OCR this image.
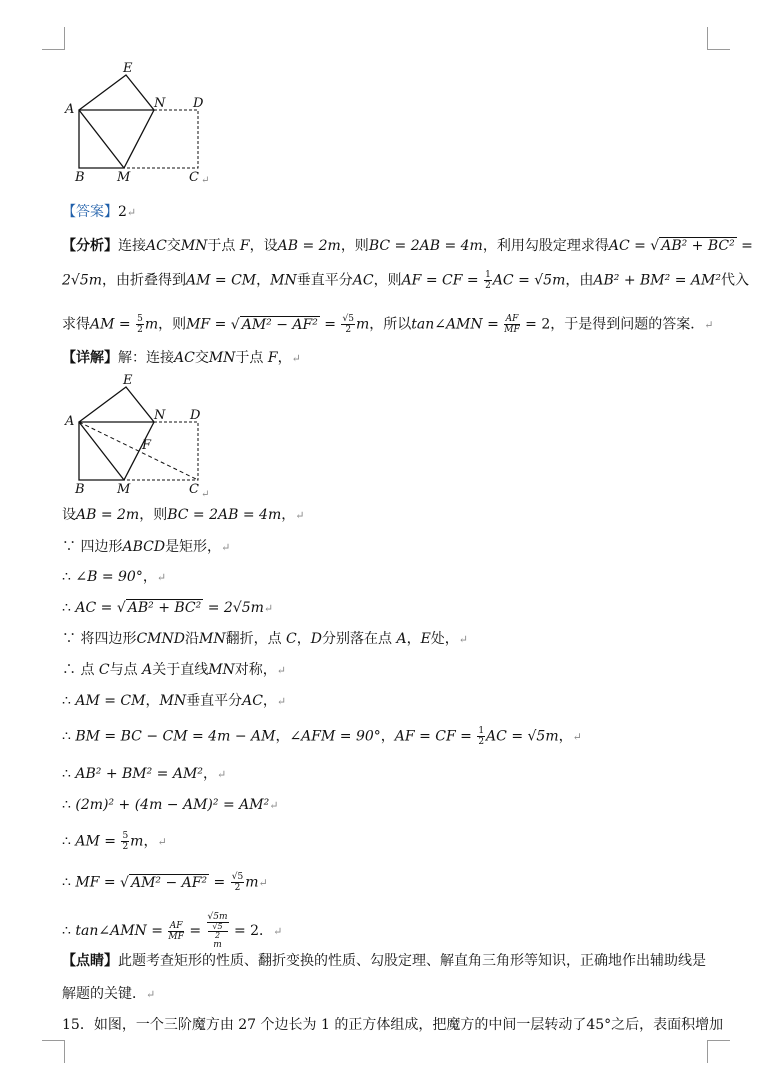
E
A	N D
B M	C ↵
【答案】2↵
【分析】连接AC交MN于点 F，设AB = 2m，则BC = 2AB = 4m，利用勾股定理求得AC = √ AB² + BC² =
2√5m，由折叠得到AM = CM，MN垂直平分AC，则AF = CF = $\frac{1}{2}$ AC = √5m，由AB² + BM² = AM²代入
求得AM = $\frac{5}{2}$ m，则MF = √ $AM^2 - AF^2 = \frac{√5}{2}$ m，所以tan∠AMN = $\frac{AF}{MF} = 2$，于是得到问题的答案．↵
【详解】解：连接AC交MN于点 F，↵
E
A	N D
F
B M	C ↵
设AB = 2m，则BC = 2AB = 4m，↵
∵ 四边形ABCD是矩形，↵
∴ ∠B = 90°，↵
∴ AC = √ AB² + BC² = 2√5m↵
∵ 将四边形CMND沿MN翻折，点 C，D分别落在点 A，E处，↵
∴ 点 C与点 A关于直线MN对称，↵
∴ AM = CM，MN垂直平分AC，↵
∴ BM = BC − CM = 4m − AM，∠AFM = 90°，AF = CF = $\frac{1}{2}$ AC = √5m，↵
∴ AB² + BM² = AM²，↵
∴ (2m)² + (4m − AM)² = AM²↵
∴ AM = $\frac{5}{2}$ m，↵
∴ MF = √ $AM^2 - AF^2 = \frac{√5}{2}$ m↵
∴ tan∠AMN = $\frac{AF}{MF} = √5m$
√5
2
m = 2．↵
【点睛】此题考查矩形的性质、翻折变换的性质、勾股定理、解直角三角形等知识，正确地作出辅助线是
解题的关键．↵
15．如图，一个三阶魔方由 27 个边长为 1 的正方体组成，把魔方的中间一层转动了45°之后，表面积增加
